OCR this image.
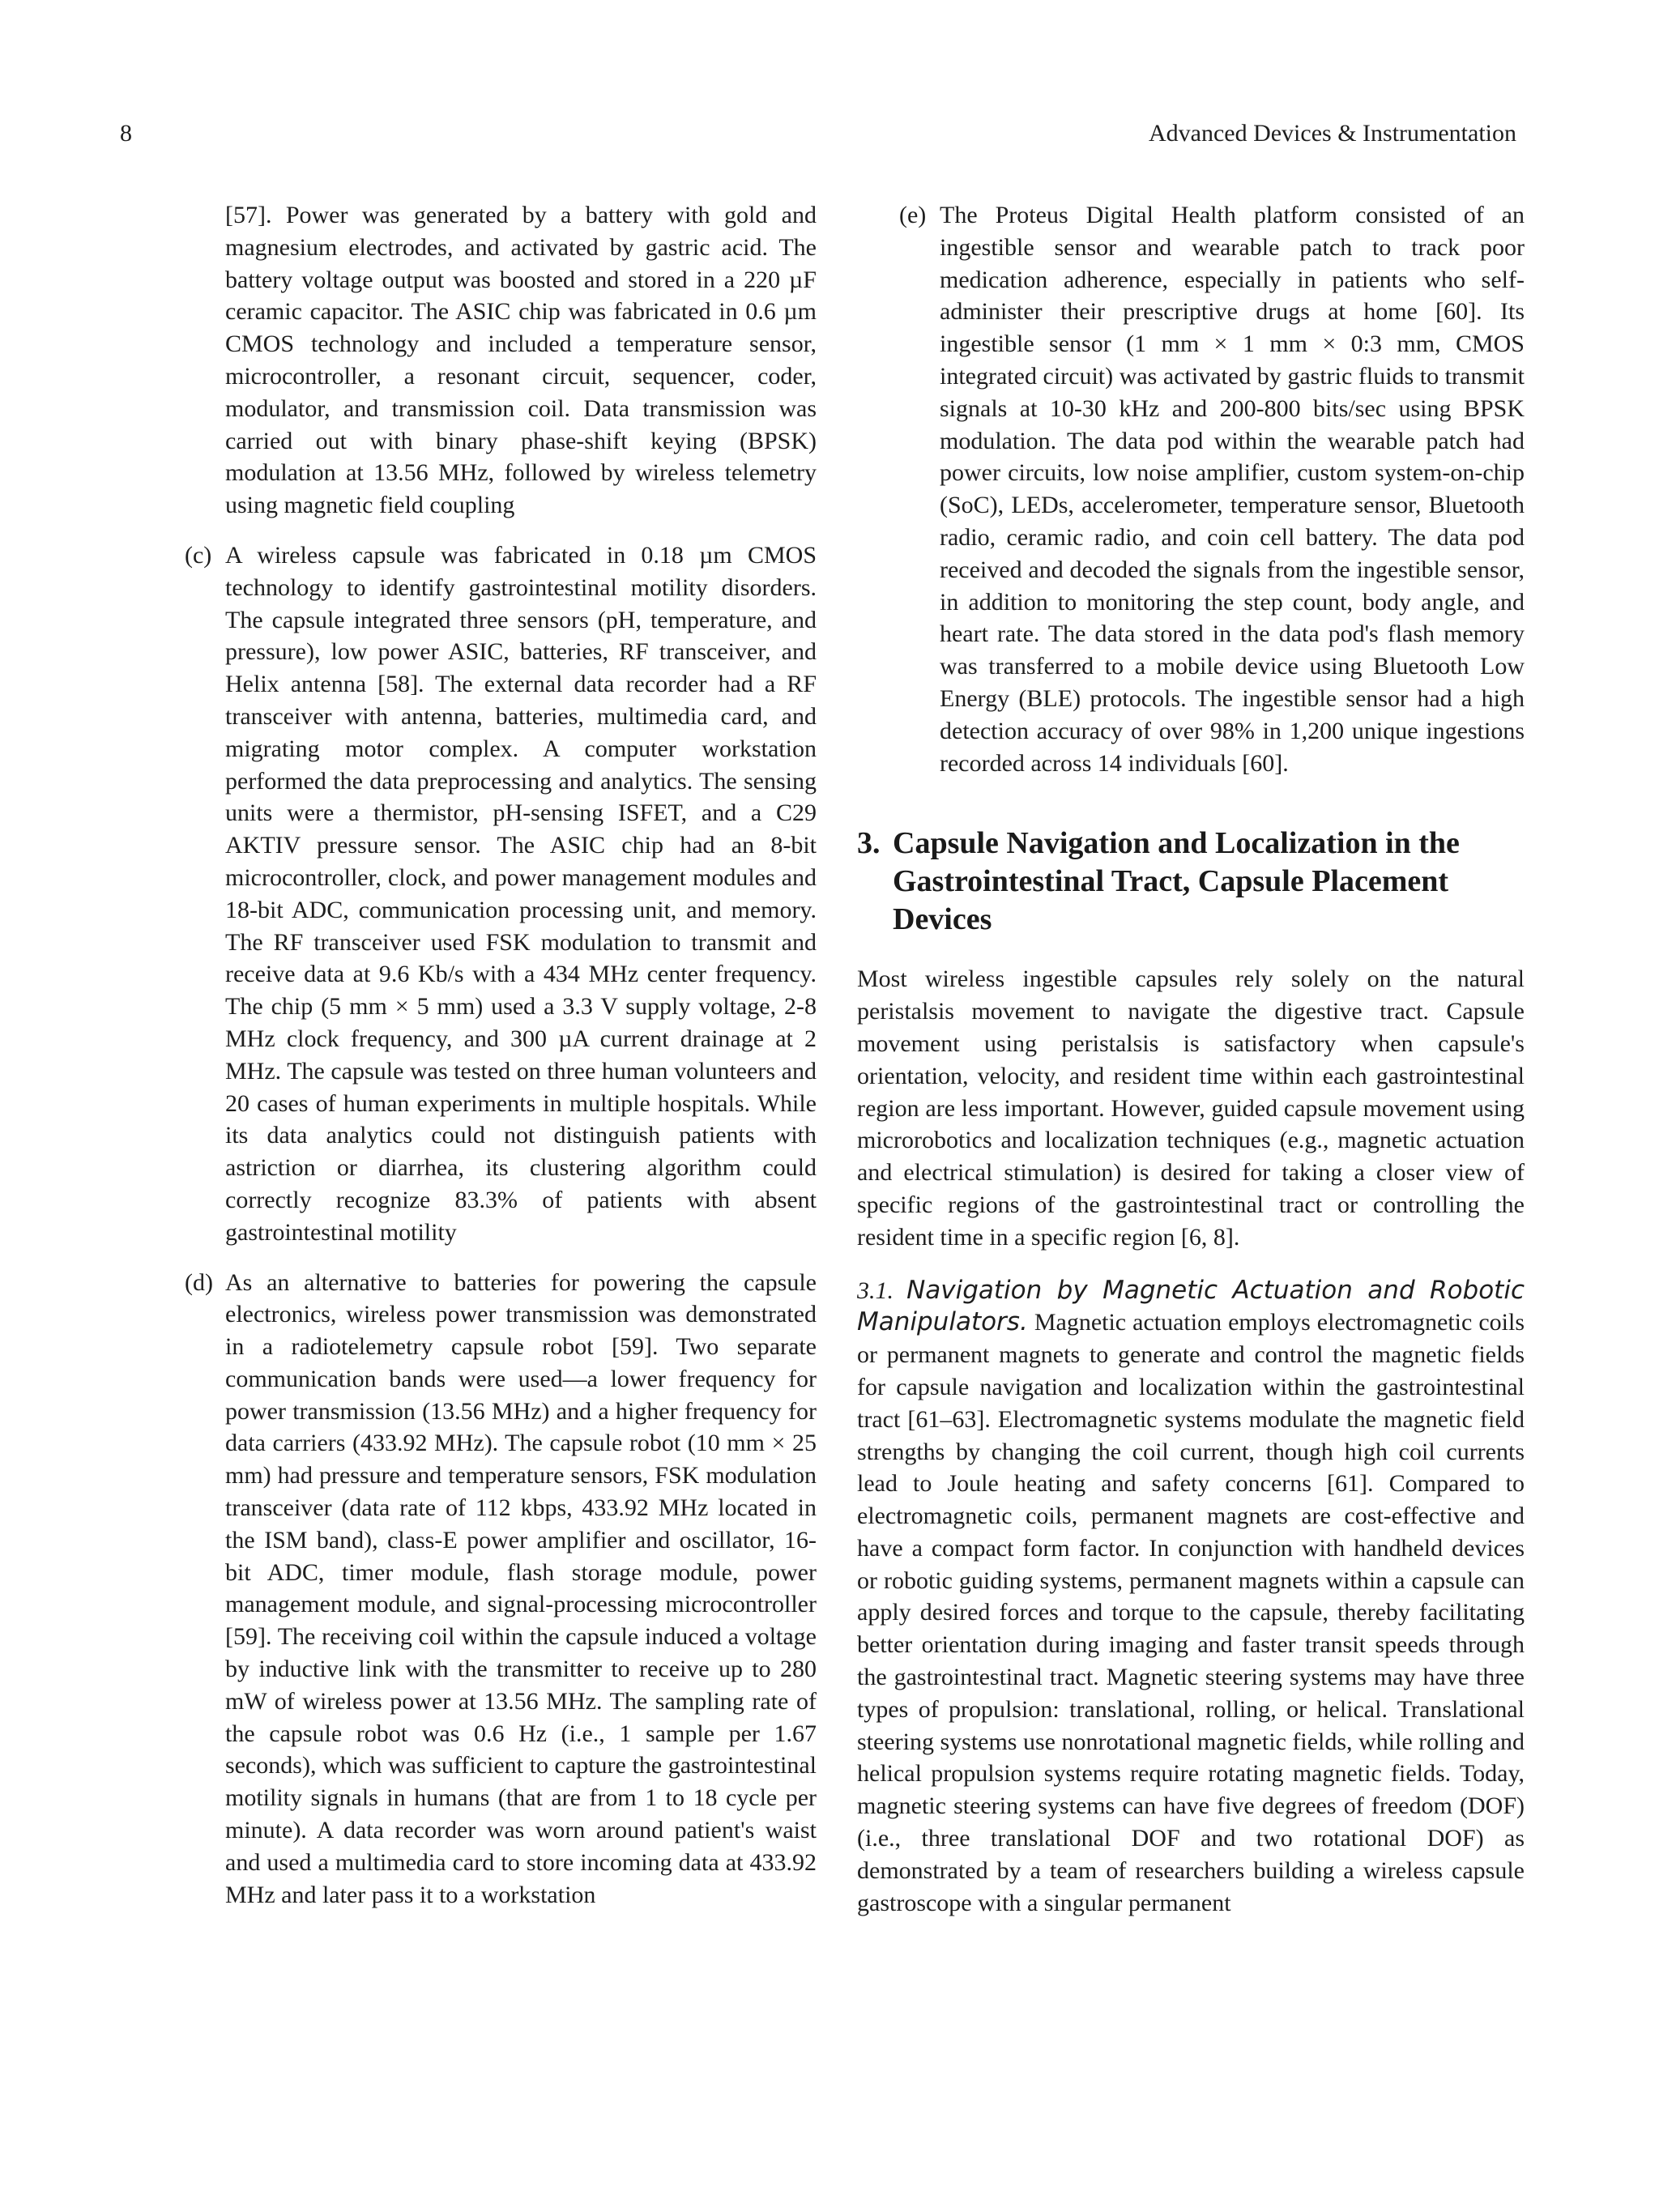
8	Advanced Devices & Instrumentation
[57]. Power was generated by a battery with gold and magnesium electrodes, and activated by gastric acid. The battery voltage output was boosted and stored in a 220 µF ceramic capacitor. The ASIC chip was fabricated in 0.6 µm CMOS technology and included a temperature sensor, microcontroller, a resonant circuit, sequencer, coder, modulator, and transmission coil. Data transmission was carried out with binary phase-shift keying (BPSK) modulation at 13.56 MHz, followed by wireless telemetry using magnetic field coupling
(c) A wireless capsule was fabricated in 0.18 µm CMOS technology to identify gastrointestinal motility disorders. The capsule integrated three sensors (pH, temperature, and pressure), low power ASIC, batteries, RF transceiver, and Helix antenna [58]. The external data recorder had a RF transceiver with antenna, batteries, multimedia card, and migrating motor complex. A computer workstation performed the data preprocessing and analytics. The sensing units were a thermistor, pH-sensing ISFET, and a C29 AKTIV pressure sensor. The ASIC chip had an 8-bit microcontroller, clock, and power management modules and 18-bit ADC, communication processing unit, and memory. The RF transceiver used FSK modulation to transmit and receive data at 9.6 Kb/s with a 434 MHz center frequency. The chip (5 mm × 5 mm) used a 3.3 V supply voltage, 2-8 MHz clock frequency, and 300 µA current drainage at 2 MHz. The capsule was tested on three human volunteers and 20 cases of human experiments in multiple hospitals. While its data analytics could not distinguish patients with astriction or diarrhea, its clustering algorithm could correctly recognize 83.3% of patients with absent gastrointestinal motility
(d) As an alternative to batteries for powering the capsule electronics, wireless power transmission was demonstrated in a radiotelemetry capsule robot [59]. Two separate communication bands were used—a lower frequency for power transmission (13.56 MHz) and a higher frequency for data carriers (433.92 MHz). The capsule robot (10 mm × 25 mm) had pressure and temperature sensors, FSK modulation transceiver (data rate of 112 kbps, 433.92 MHz located in the ISM band), class-E power amplifier and oscillator, 16-bit ADC, timer module, flash storage module, power management module, and signal-processing microcontroller [59]. The receiving coil within the capsule induced a voltage by inductive link with the transmitter to receive up to 280 mW of wireless power at 13.56 MHz. The sampling rate of the capsule robot was 0.6 Hz (i.e., 1 sample per 1.67 seconds), which was sufficient to capture the gastrointestinal motility signals in humans (that are from 1 to 18 cycle per minute). A data recorder was worn around patient's waist and used a multimedia card to store incoming data at 433.92 MHz and later pass it to a workstation
(e) The Proteus Digital Health platform consisted of an ingestible sensor and wearable patch to track poor medication adherence, especially in patients who self-administer their prescriptive drugs at home [60]. Its ingestible sensor (1 mm × 1 mm × 0:3 mm, CMOS integrated circuit) was activated by gastric fluids to transmit signals at 10-30 kHz and 200-800 bits/sec using BPSK modulation. The data pod within the wearable patch had power circuits, low noise amplifier, custom system-on-chip (SoC), LEDs, accelerometer, temperature sensor, Bluetooth radio, ceramic radio, and coin cell battery. The data pod received and decoded the signals from the ingestible sensor, in addition to monitoring the step count, body angle, and heart rate. The data stored in the data pod's flash memory was transferred to a mobile device using Bluetooth Low Energy (BLE) protocols. The ingestible sensor had a high detection accuracy of over 98% in 1,200 unique ingestions recorded across 14 individuals [60].
3. Capsule Navigation and Localization in the Gastrointestinal Tract, Capsule Placement Devices

Most wireless ingestible capsules rely solely on the natural peristalsis movement to navigate the digestive tract. Capsule movement using peristalsis is satisfactory when capsule's orientation, velocity, and resident time within each gastrointestinal region are less important. However, guided capsule movement using microrobotics and localization techniques (e.g., magnetic actuation and electrical stimulation) is desired for taking a closer view of specific regions of the gastrointestinal tract or controlling the resident time in a specific region [6, 8].

3.1. Navigation by Magnetic Actuation and Robotic Manipulators. Magnetic actuation employs electromagnetic coils or permanent magnets to generate and control the magnetic fields for capsule navigation and localization within the gastrointestinal tract [61–63]. Electromagnetic systems modulate the magnetic field strengths by changing the coil current, though high coil currents lead to Joule heating and safety concerns [61]. Compared to electromagnetic coils, permanent magnets are cost-effective and have a compact form factor. In conjunction with handheld devices or robotic guiding systems, permanent magnets within a capsule can apply desired forces and torque to the capsule, thereby facilitating better orientation during imaging and faster transit speeds through the gastrointestinal tract. Magnetic steering systems may have three types of propulsion: translational, rolling, or helical. Translational steering systems use nonrotational magnetic fields, while rolling and helical propulsion systems require rotating magnetic fields. Today, magnetic steering systems can have five degrees of freedom (DOF) (i.e., three translational DOF and two rotational DOF) as demonstrated by a team of researchers building a wireless capsule gastroscope with a singular permanent
